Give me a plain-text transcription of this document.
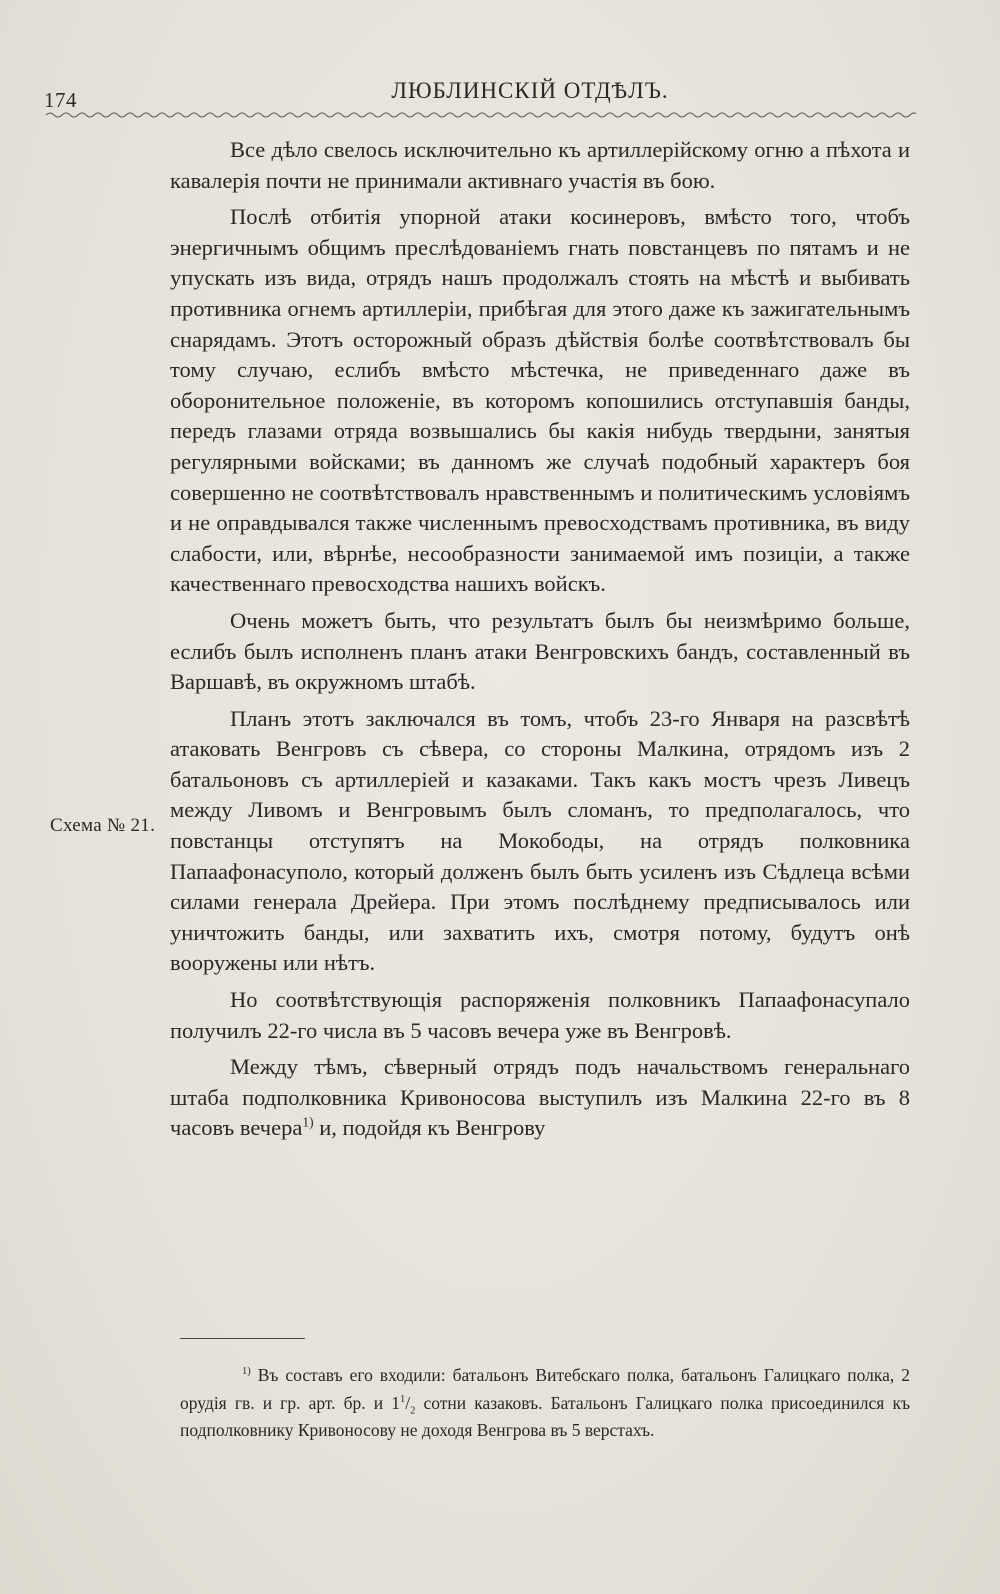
174	ЛЮБЛИНСКІЙ ОТДѢЛЪ.
Схема № 21.

Все дѣло свелось исключительно къ артиллерійскому огню а пѣхота и кавалерія почти не принимали активнаго участія въ бою.

Послѣ отбитія упорной атаки косинеровъ, вмѣсто того, чтобъ энергичнымъ общимъ преслѣдованіемъ гнать повстанцевъ по пятамъ и не упускать изъ вида, отрядъ нашъ продолжалъ стоять на мѣстѣ и выбивать противника огнемъ артиллеріи, прибѣгая для этого даже къ зажигательнымъ снарядамъ. Этотъ осторожный образъ дѣйствія болѣе соотвѣтствовалъ бы тому случаю, еслибъ вмѣсто мѣстечка, не приведеннаго даже въ оборонительное положеніе, въ которомъ копошились отступавшія банды, передъ глазами отряда возвышались бы какія нибудь твердыни, занятыя регулярными войсками; въ данномъ же случаѣ подобный характеръ боя совершенно не соотвѣтствовалъ нравственнымъ и политическимъ условіямъ и не оправдывался также численнымъ превосходствамъ противника, въ виду слабости, или, вѣрнѣе, несообразности занимаемой имъ позиціи, а также качественнаго превосходства нашихъ войскъ.

Очень можетъ быть, что результатъ былъ бы неизмѣримо больше, еслибъ былъ исполненъ планъ атаки Венгровскихъ бандъ, составленный въ Варшавѣ, въ окружномъ штабѣ.

Планъ этотъ заключался въ томъ, чтобъ 23-го Января на разсвѣтѣ атаковать Венгровъ съ сѣвера, со стороны Малкина, отрядомъ изъ 2 батальоновъ съ артиллеріей и казаками. Такъ какъ мостъ чрезъ Ливецъ между Ливомъ и Венгровымъ былъ сломанъ, то предполагалось, что повстанцы отступятъ на Мокободы, на отрядъ полковника Папаафонасуполо, который долженъ былъ быть усиленъ изъ Сѣдлеца всѣми силами генерала Дрейера. При этомъ послѣднему предписывалось или уничтожить банды, или захватить ихъ, смотря потому, будутъ онѣ вооружены или нѣтъ.

Но соотвѣтствующія распоряженія полковникъ Папаафонасупало получилъ 22-го числа въ 5 часовъ вечера уже въ Венгровѣ.

Между тѣмъ, сѣверный отрядъ подъ начальствомъ генеральнаго штаба подполковника Кривоносова выступилъ изъ Малкина 22-го въ 8 часовъ вечера$^{1)}$ и, подойдя къ Венгрову

$^{1)}$ Въ составъ его входили: батальонъ Витебскаго полка, батальонъ Галицкаго полка, 2 орудія гв. и гр. арт. бр. и $1^1/_2$ сотни казаковъ. Батальонъ Галицкаго полка присоединился къ подполковнику Кривоносову не доходя Венгрова въ 5 верстахъ.
